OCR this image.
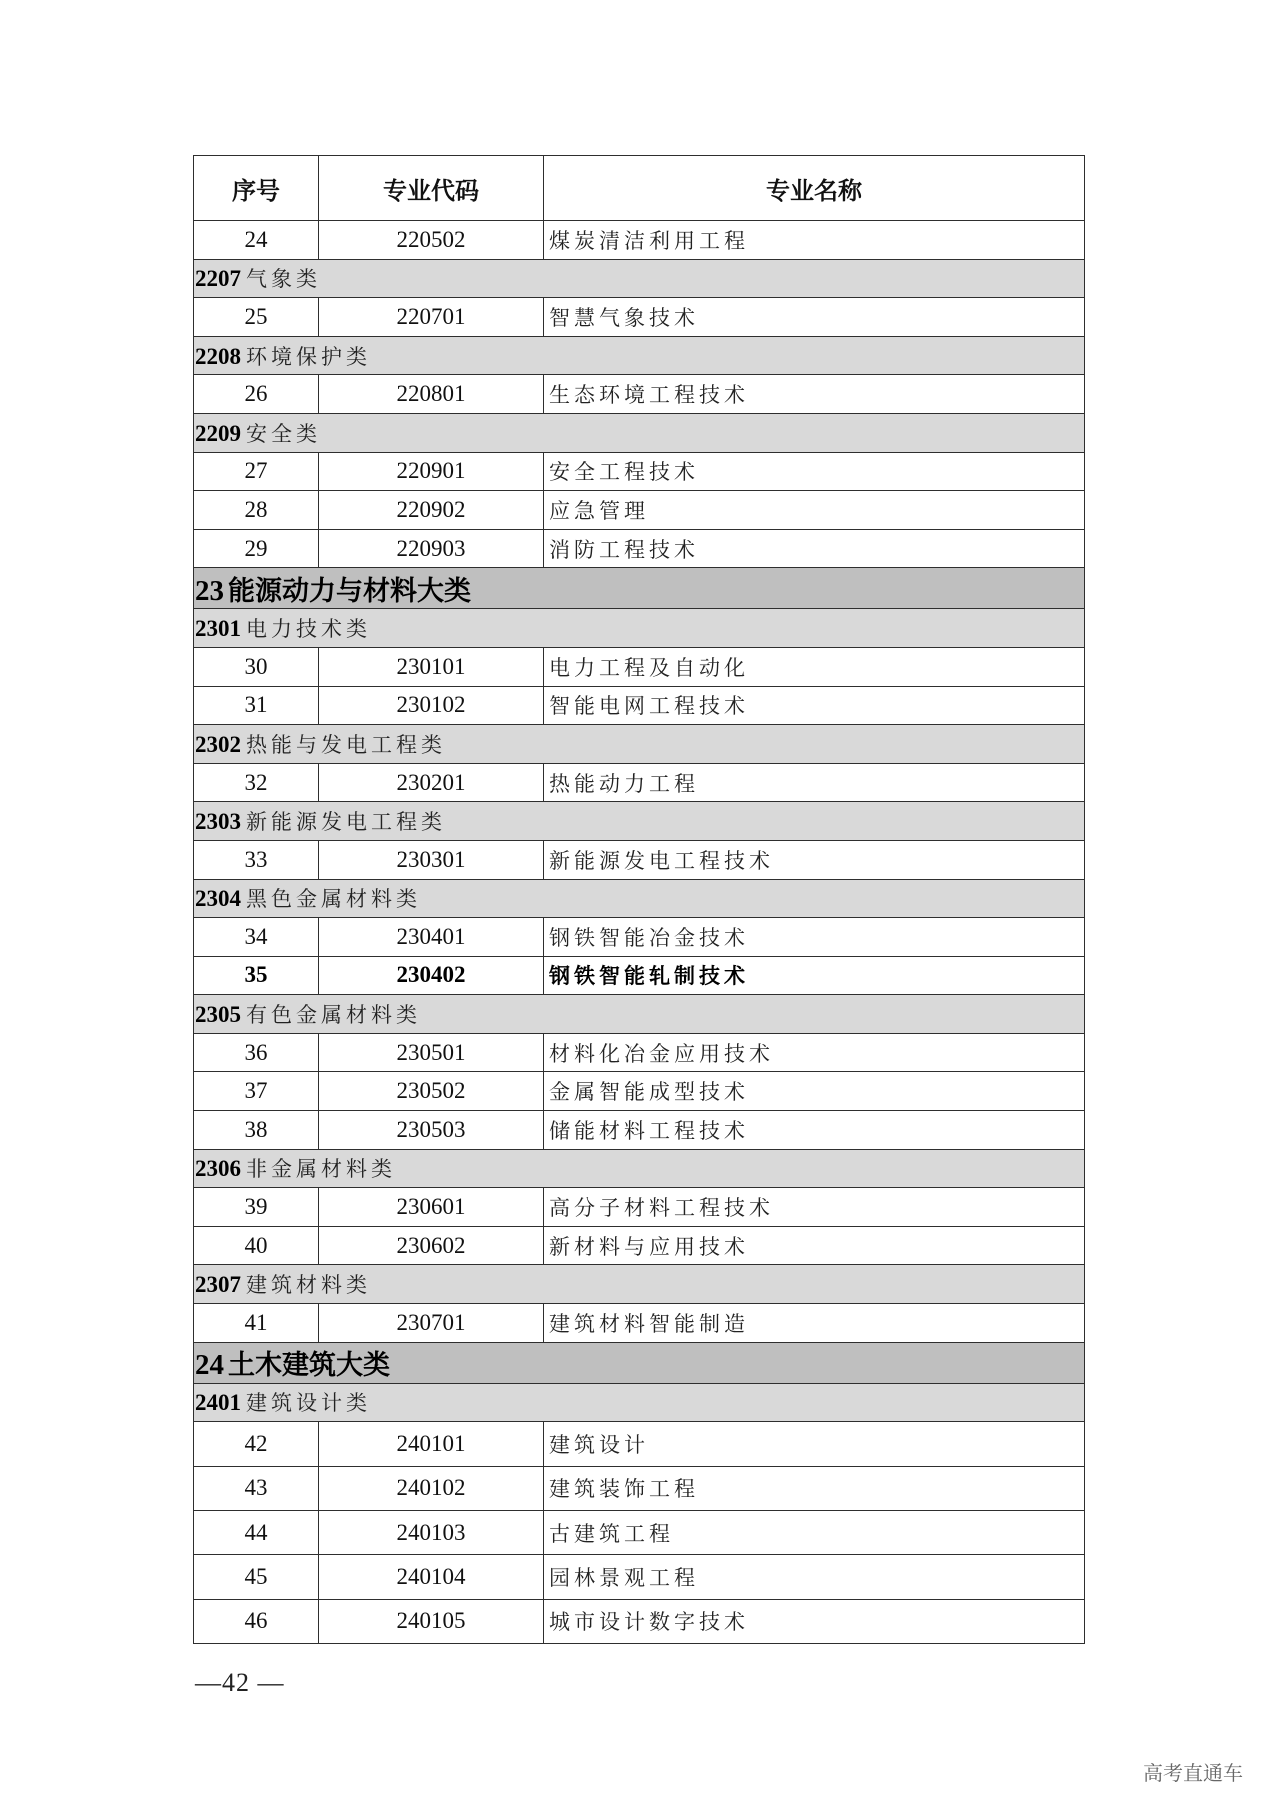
序号	专业代码	专业名称
24	220502	煤炭清洁利用工程
2207 气象类		
25	220701	智慧气象技术
2208 环境保护类		
26	220801	生态环境工程技术
2209 安全类		
27	220901	安全工程技术
28	220902	应急管理
29	220903	消防工程技术
23 能源动力与材料大类		
2301 电力技术类		
30	230101	电力工程及自动化
31	230102	智能电网工程技术
2302 热能与发电工程类		
32	230201	热能动力工程
2303 新能源发电工程类		
33	230301	新能源发电工程技术
2304 黑色金属材料类		
34	230401	钢铁智能冶金技术
35	230402	钢铁智能轧制技术
2305 有色金属材料类		
36	230501	材料化冶金应用技术
37	230502	金属智能成型技术
38	230503	储能材料工程技术
2306 非金属材料类		
39	230601	高分子材料工程技术
40	230602	新材料与应用技术
2307 建筑材料类		
41	230701	建筑材料智能制造
24 土木建筑大类		
2401 建筑设计类		
42	240101	建筑设计
43	240102	建筑装饰工程
44	240103	古建筑工程
45	240104	园林景观工程
46	240105	城市设计数字技术
—42 —
高考直通车
